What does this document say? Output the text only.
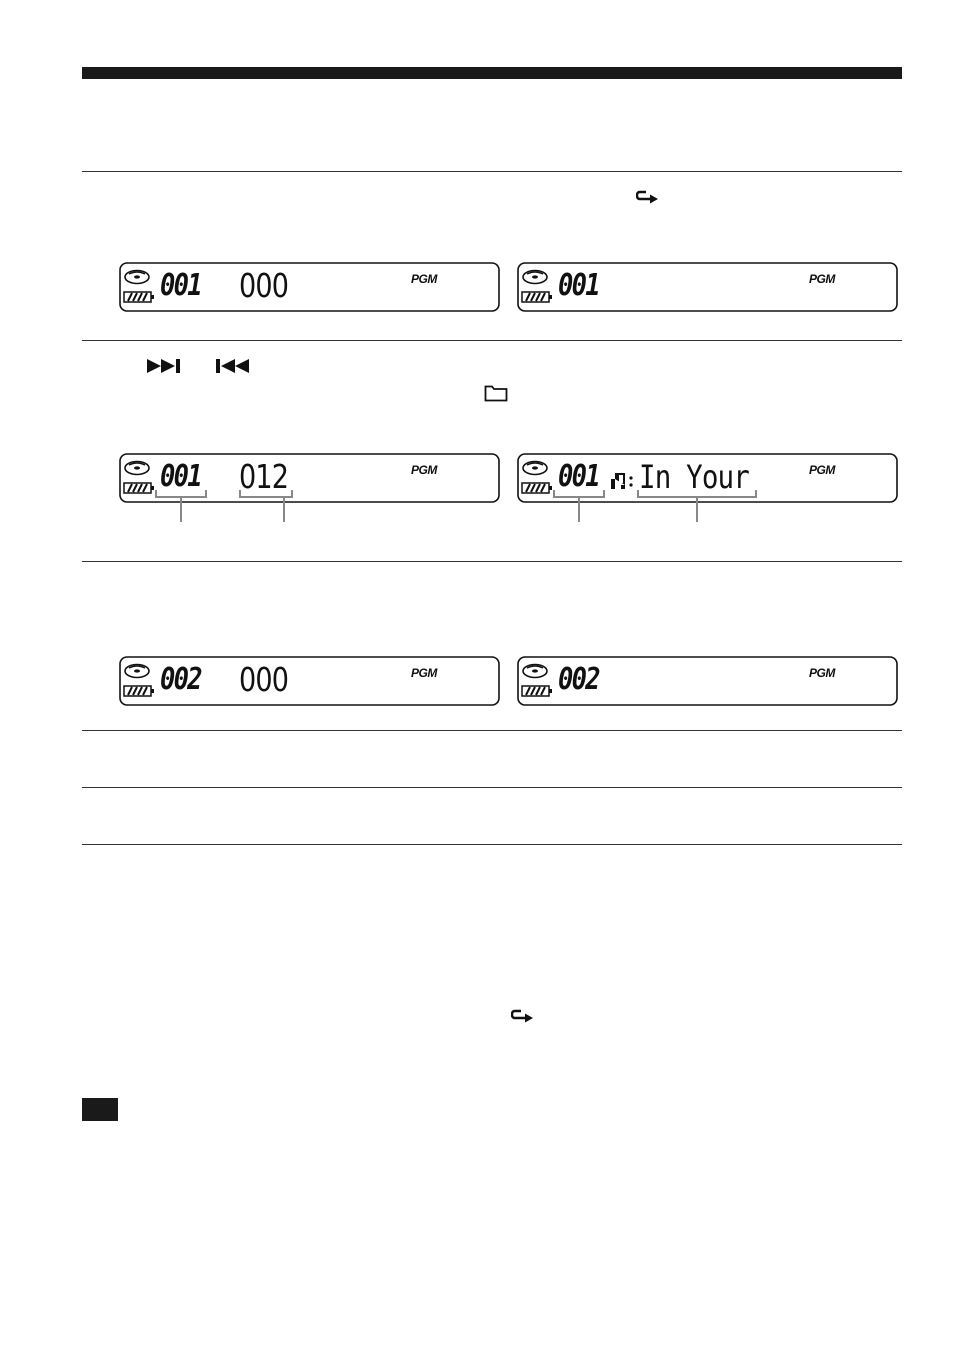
001 000	PGM	001	PGM
001 012	PGM	001 In Your	PGM
002 000	PGM	002	PGM
